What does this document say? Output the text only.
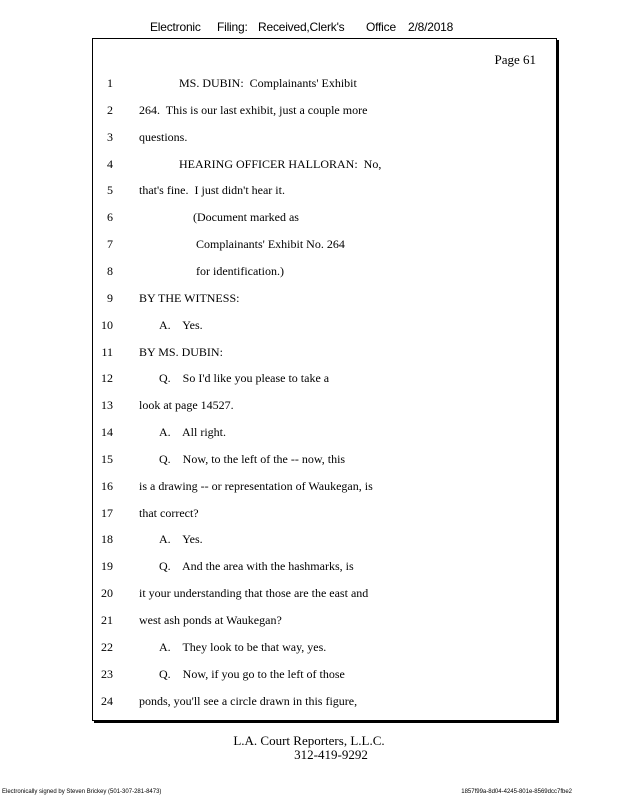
Electronic

Filing:

Received,Clerk's

Office

2/8/2018

Page 61
1	MS. DUBIN:  Complainants' Exhibit
2 264.  This is our last exhibit, just a couple more
3 questions.
4	HEARING OFFICER HALLORAN:  No,
5 that's fine.  I just didn't hear it.
6	(Document marked as
7	Complainants' Exhibit No. 264
8	for identification.)
9 BY THE WITNESS:
10	A.    Yes.
11 BY MS. DUBIN:
12	Q.    So I'd like you please to take a
13 look at page 14527.
14	A.    All right.
15	Q.    Now, to the left of the -- now, this
16 is a drawing -- or representation of Waukegan, is
17 that correct?
18	A.    Yes.
19	Q.    And the area with the hashmarks, is
20 it your understanding that those are the east and
21 west ash ponds at Waukegan?
22	A.    They look to be that way, yes.
23	Q.    Now, if you go to the left of those
24 ponds, you'll see a circle drawn in this figure,
L.A. Court Reporters, L.L.C.
312-419-9292
Electronically signed by Steven Brickey (501-307-281-8473)	1857f99a-8d04-4245-801e-8569dcc7fbe2
